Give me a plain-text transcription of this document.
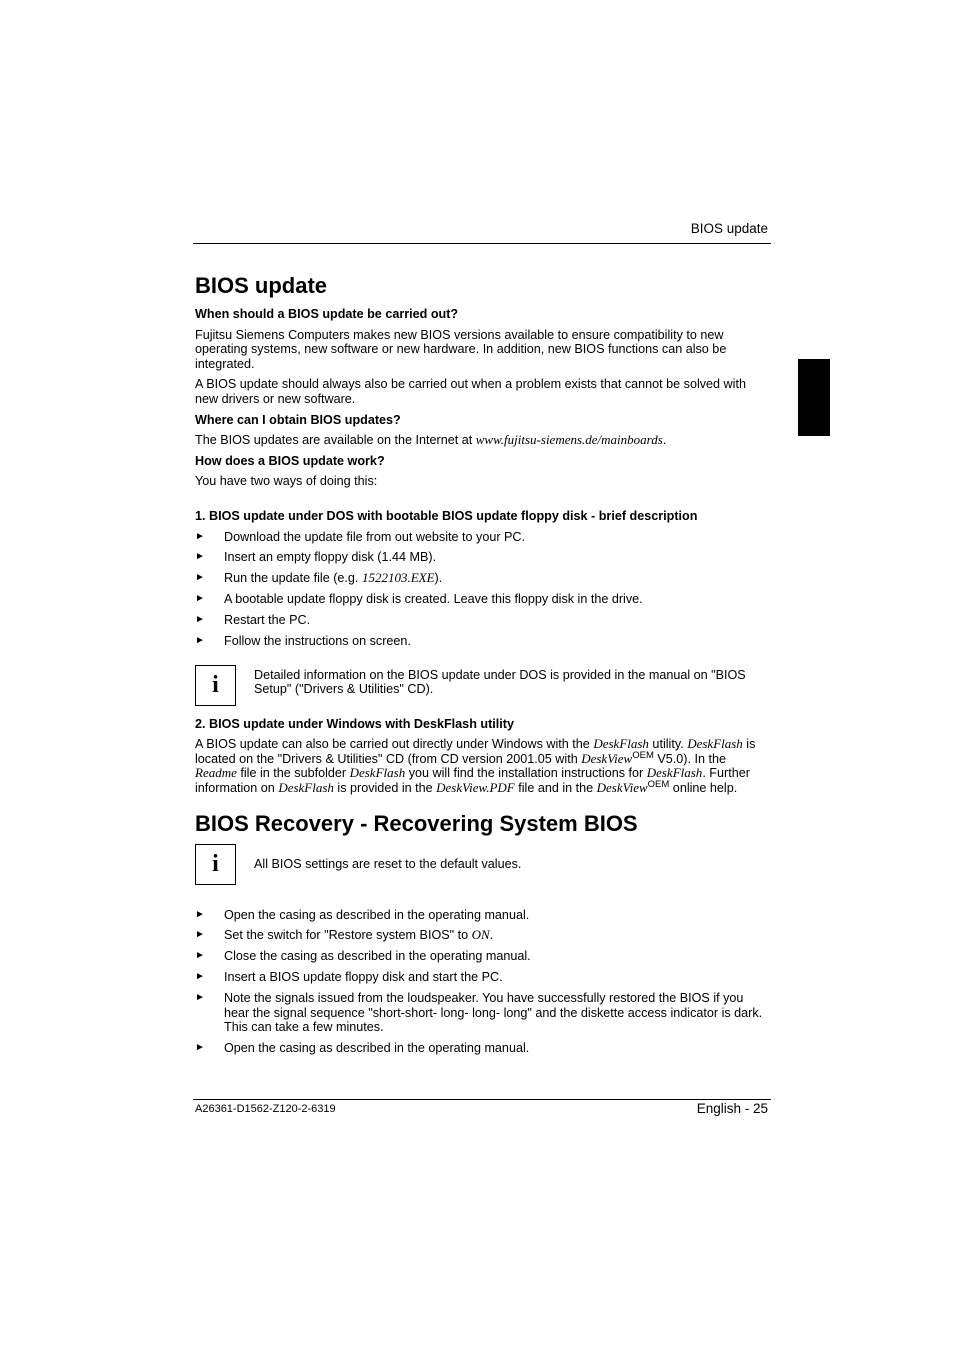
BIOS update
BIOS update
When should a BIOS update be carried out?

Fujitsu Siemens Computers makes new BIOS versions available to ensure compatibility to new operating systems, new software or new hardware. In addition, new BIOS functions can also be integrated.

A BIOS update should always also be carried out when a problem exists that cannot be solved with new drivers or new software.

Where can I obtain BIOS updates?

The BIOS updates are available on the Internet at www.fujitsu-siemens.de/mainboards.

How does a BIOS update work?

You have two ways of doing this:

1. BIOS update under DOS with bootable BIOS update floppy disk - brief description
► Download the update file from out website to your PC.
► Insert an empty floppy disk (1.44 MB).
► Run the update file (e.g. 1522103.EXE).
► A bootable update floppy disk is created. Leave this floppy disk in the drive.
► Restart the PC.
► Follow the instructions on screen.
i	Detailed information on the BIOS update under DOS is provided in the manual on "BIOS Setup" ("Drivers & Utilities" CD).
2. BIOS update under Windows with DeskFlash utility

A BIOS update can also be carried out directly under Windows with the DeskFlash utility. DeskFlash is located on the "Drivers & Utilities" CD (from CD version 2001.05 with DeskView$^{OEM}$ V5.0). In the Readme file in the subfolder DeskFlash you will find the installation instructions for DeskFlash. Further information on DeskFlash is provided in the DeskView.PDF file and in the DeskView$^{OEM}$ online help.

BIOS Recovery - Recovering System BIOS
i	All BIOS settings are reset to the default values.
► Open the casing as described in the operating manual.
► Set the switch for "Restore system BIOS" to ON.
► Close the casing as described in the operating manual.
► Insert a BIOS update floppy disk and start the PC.
► Note the signals issued from the loudspeaker. You have successfully restored the BIOS if you hear the signal sequence "short-short- long- long- long" and the diskette access indicator is dark. This can take a few minutes.
► Open the casing as described in the operating manual.
A26361-D1562-Z120-2-6319	English - 25
